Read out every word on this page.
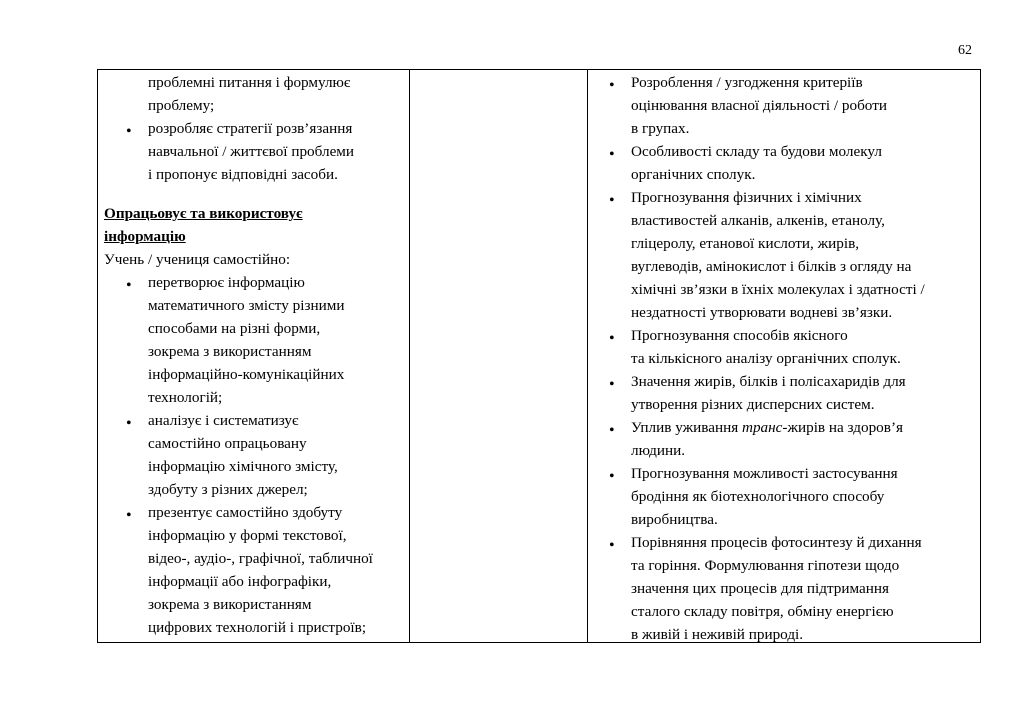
62
проблемні питання і формулює
проблему;
розробляє стратегії розв’язання
навчальної / життєвої проблеми
і пропонує відповідні засоби.
Опрацьовує та використовує
інформацію
Учень / учениця самостійно:
перетворює інформацію
математичного змісту різними
способами на різні форми,
зокрема з використанням
інформаційно-комунікаційних
технологій;
аналізує і систематизує
самостійно опрацьовану
інформацію хімічного змісту,
здобуту з різних джерел;
презентує самостійно здобуту
інформацію у формі текстової,
відео-, аудіо-, графічної, табличної
інформації або інфографіки,
зокрема з використанням
цифрових технологій і пристроїв;
Розроблення / узгодження критеріїв
оцінювання власної діяльності / роботи
в групах.
Особливості складу та будови молекул
органічних сполук.
Прогнозування фізичних і хімічних
властивостей алканів, алкенів, етанолу,
гліцеролу, етанової кислоти, жирів,
вуглеводів, амінокислот і білків з огляду на
хімічні зв’язки в їхніх молекулах і здатності /
нездатності утворювати водневі зв’язки.
Прогнозування способів якісного
та кількісного аналізу органічних сполук.
Значення жирів, білків і полісахаридів для
утворення різних дисперсних систем.
Уплив уживання транс-жирів на здоров’я
людини.
Прогнозування можливості застосування
бродіння як біотехнологічного способу
виробництва.
Порівняння процесів фотосинтезу й дихання
та горіння. Формулювання гіпотези щодо
значення цих процесів для підтримання
сталого складу повітря, обміну енергією
в живій і неживій природі.
